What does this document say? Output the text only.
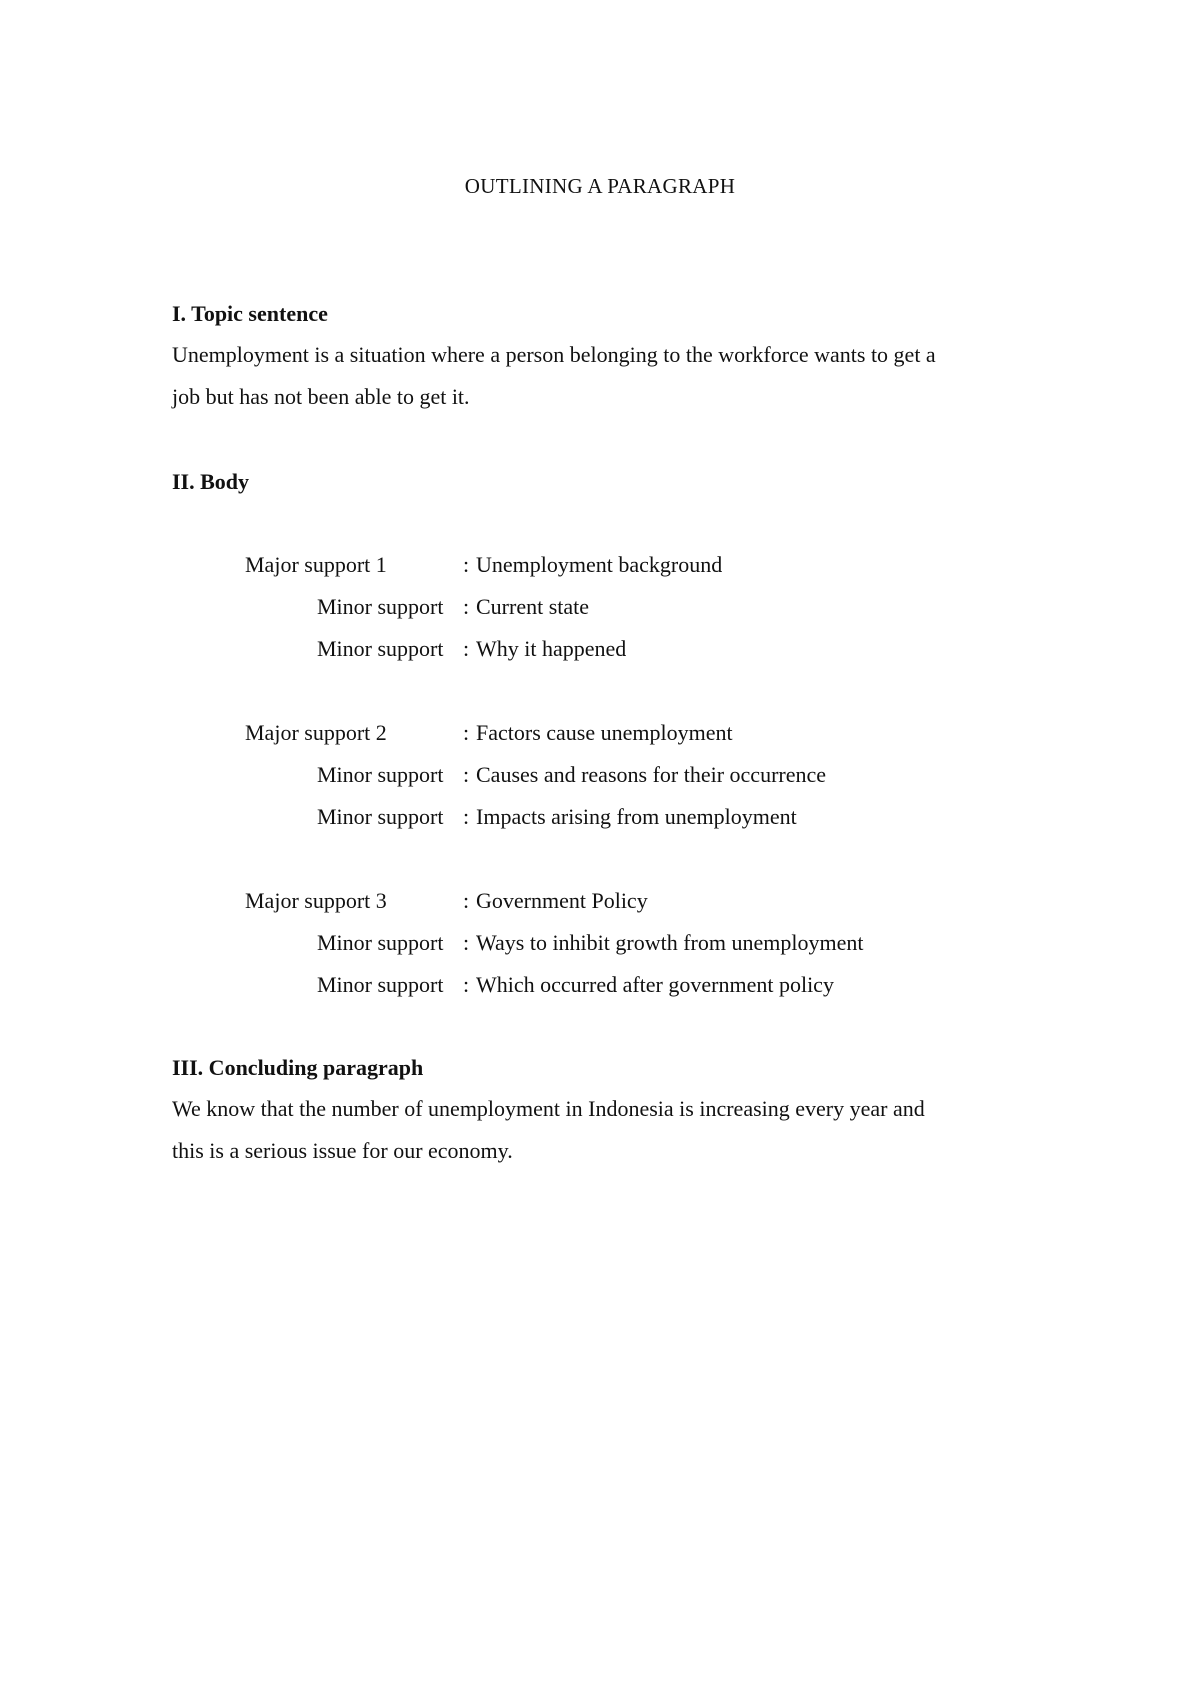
OUTLINING A PARAGRAPH
I. Topic sentence
Unemployment is a situation where a person belonging to the workforce wants to get a
job but has not been able to get it.
II. Body
Major support 1	: Unemployment background
Minor support : Current state
Minor support : Why it happened
Major support 2	: Factors cause unemployment
Minor support : Causes and reasons for their occurrence
Minor support : Impacts arising from unemployment
Major support 3	: Government Policy
Minor support : Ways to inhibit growth from unemployment
Minor support : Which occurred after government policy
III. Concluding paragraph
We know that the number of unemployment in Indonesia is increasing every year and
this is a serious issue for our economy.
